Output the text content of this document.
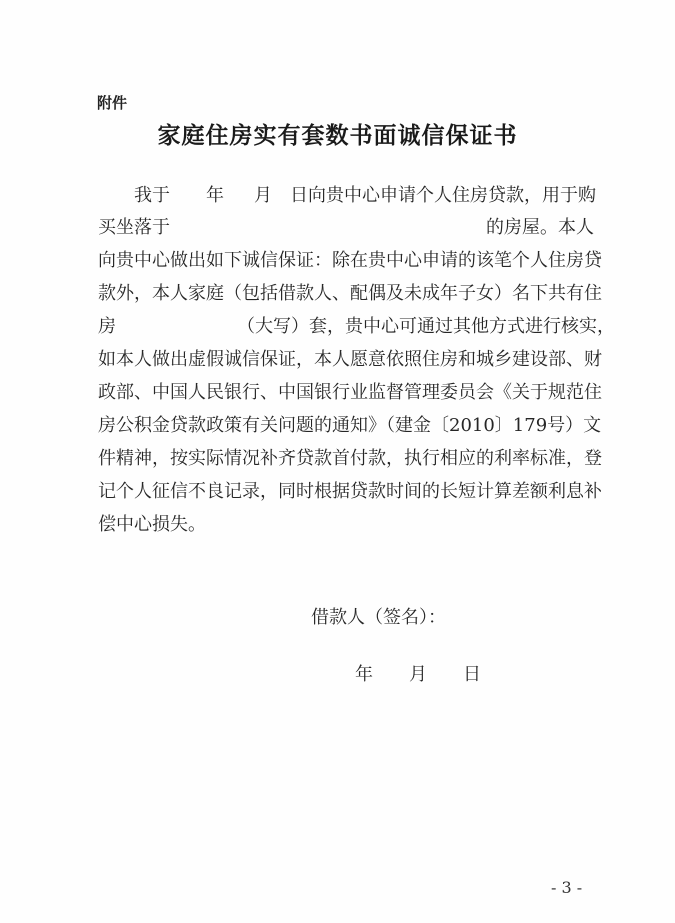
附件
家庭住房实有套数书面诚信保证书
我于 年 月 日向贵中心申请个人住房贷款，用于购
买坐落于	的房屋。本人
向贵中心做出如下诚信保证：除在贵中心申请的该笔个人住房贷
款外，本人家庭（包括借款人、配偶及未成年子女）名下共有住
房	（大写）套，贵中心可通过其他方式进行核实，
如本人做出虚假诚信保证，本人愿意依照住房和城乡建设部、财
政部、中国人民银行、中国银行业监督管理委员会《关于规范住
房公积金贷款政策有关问题的通知》（建金〔2010〕179号）文
件精神，按实际情况补齐贷款首付款，执行相应的利率标准，登
记个人征信不良记录，同时根据贷款时间的长短计算差额利息补
偿中心损失。
借款人（签名）：
年 月 日
- 3 -
